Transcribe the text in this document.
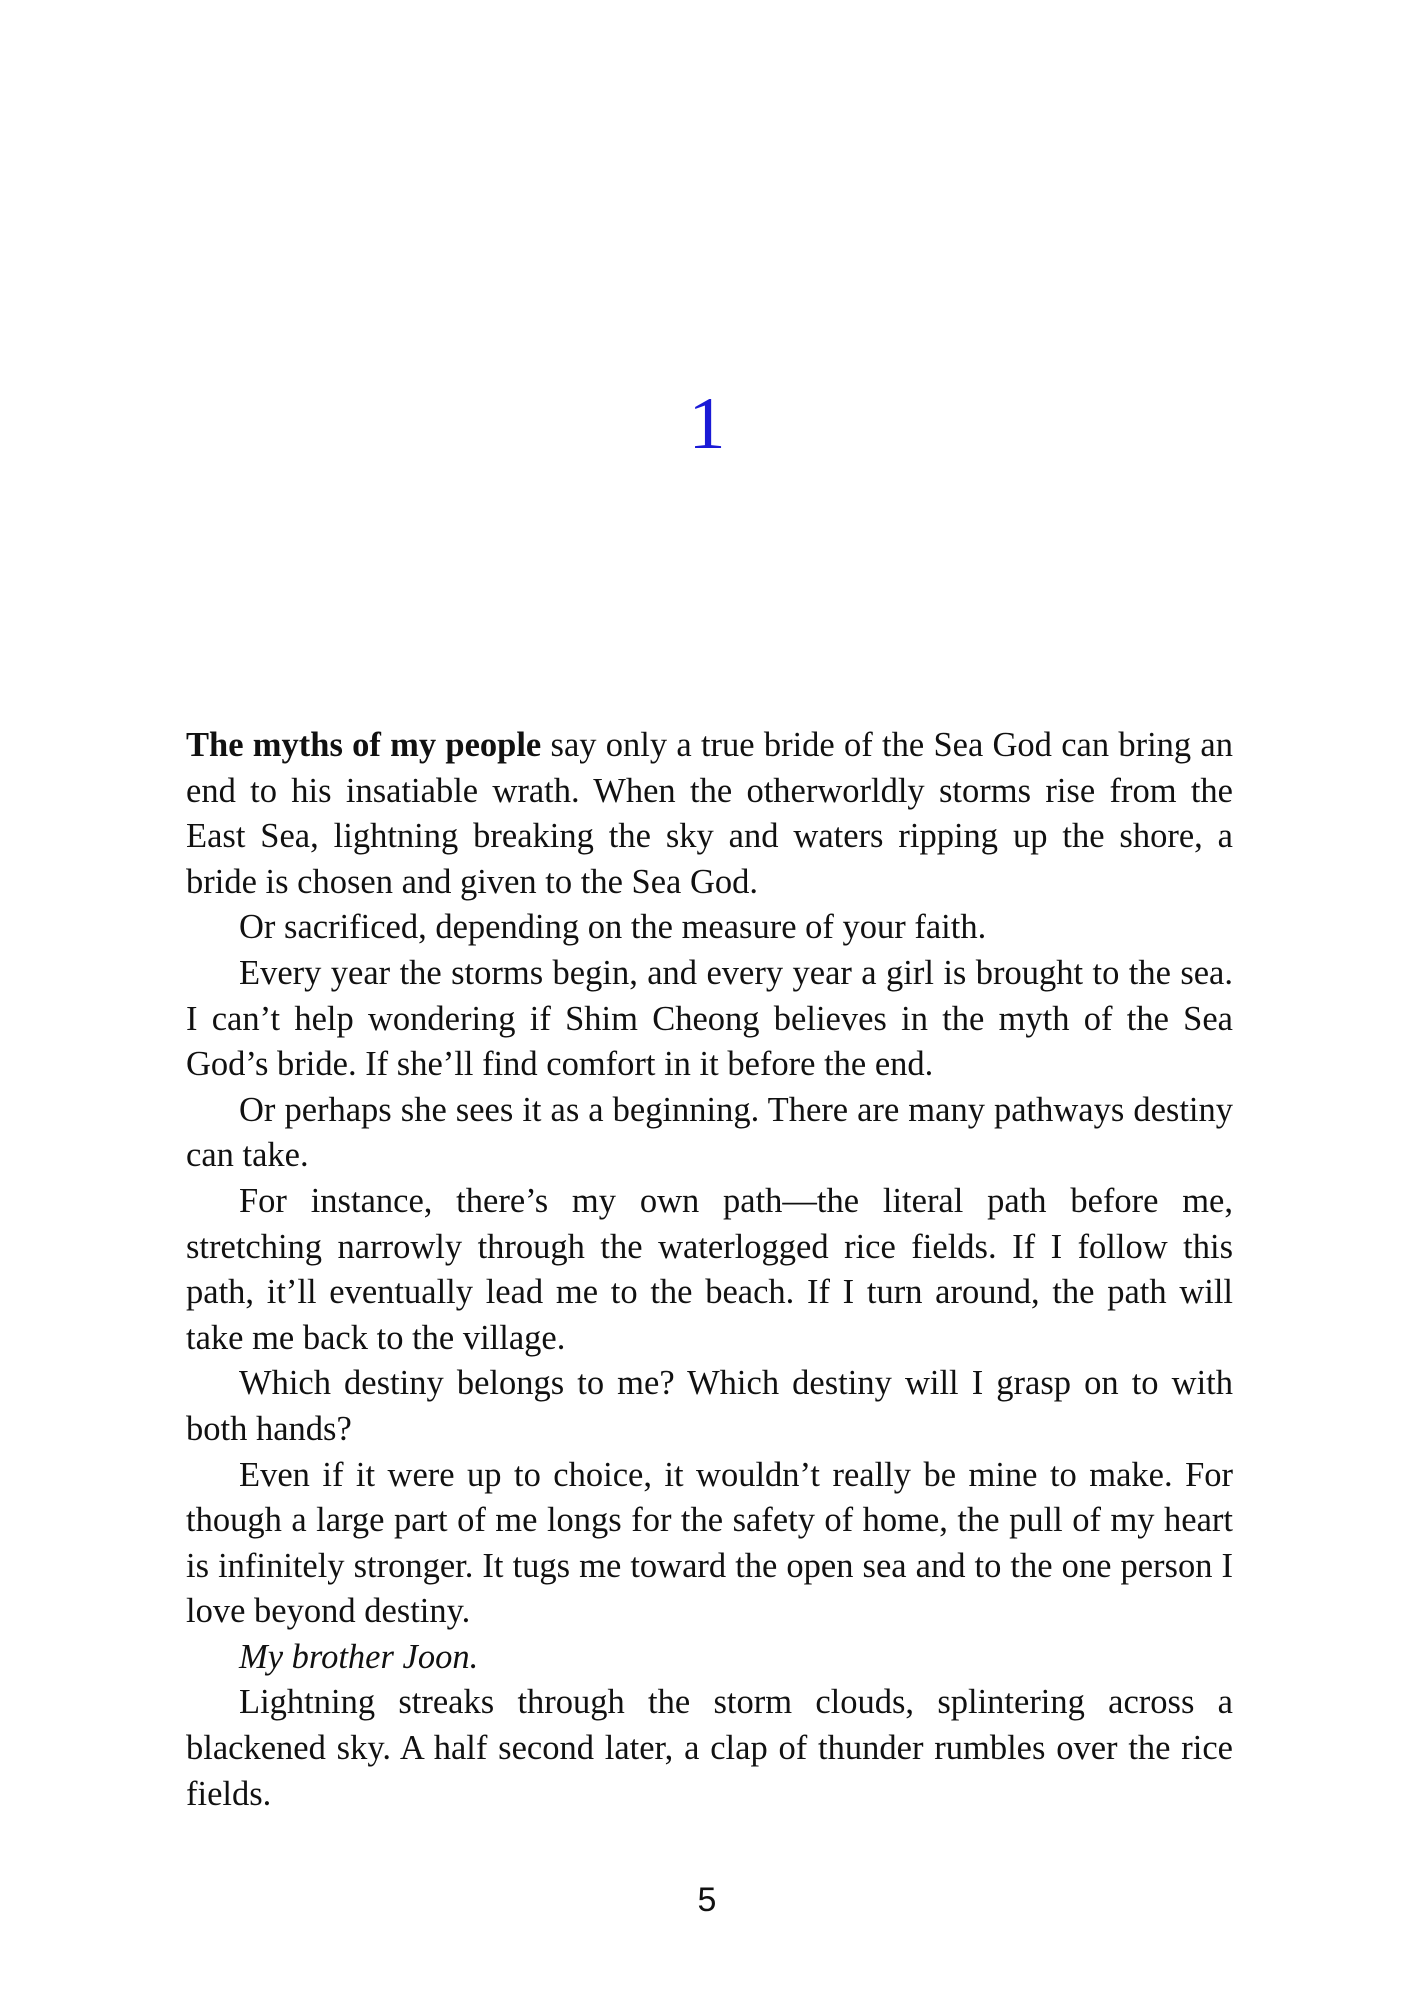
1

The myths of my people say only a true bride of the Sea God can bring an end to his insatiable wrath. When the otherworldly storms rise from the East Sea, lightning breaking the sky and waters ripping up the shore, a bride is chosen and given to the Sea God.

Or sacrificed, depending on the measure of your faith.

Every year the storms begin, and every year a girl is brought to the sea. I can’t help wondering if Shim Cheong believes in the myth of the Sea God’s bride. If she’ll find comfort in it before the end.

Or perhaps she sees it as a beginning. There are many pathways destiny can take.

For instance, there’s my own path—the literal path before me, stretching narrowly through the waterlogged rice fields. If I follow this path, it’ll eventually lead me to the beach. If I turn around, the path will take me back to the village.

Which destiny belongs to me? Which destiny will I grasp on to with both hands?

Even if it were up to choice, it wouldn’t really be mine to make. For though a large part of me longs for the safety of home, the pull of my heart is infinitely stronger. It tugs me toward the open sea and to the one person I love beyond destiny.

My brother Joon.

Lightning streaks through the storm clouds, splintering across a blackened sky. A half second later, a clap of thunder rumbles over the rice fields.

5
